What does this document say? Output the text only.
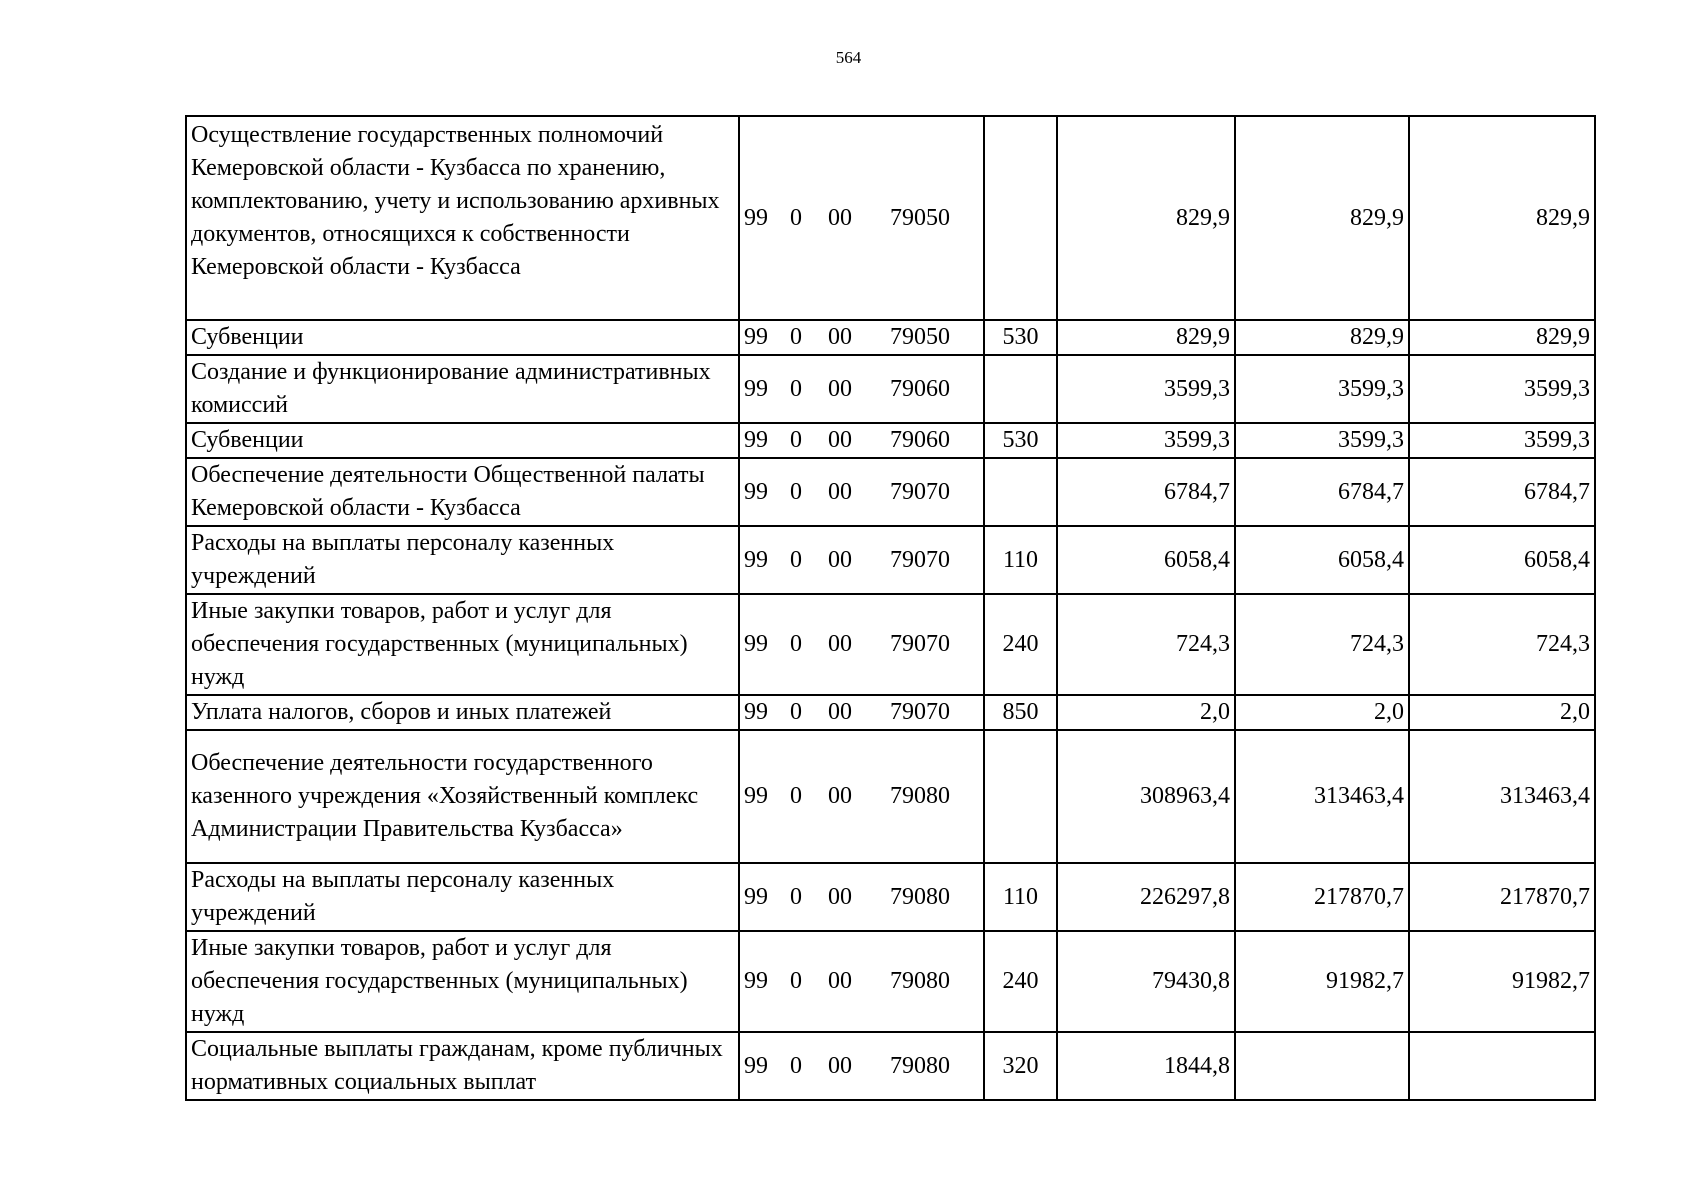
564
Осуществление государственных полномочий Кемеровской области - Кузбасса по хранению, комплектованию, учету и использованию архивных документов, относящихся к собственности Кемеровской области - Кузбасса	99 0 00 79050		829,9	829,9	829,9
Субвенции	99 0 00 79050	530	829,9	829,9	829,9
Создание и функционирование административных комиссий	99 0 00 79060		3599,3	3599,3	3599,3
Субвенции	99 0 00 79060	530	3599,3	3599,3	3599,3
Обеспечение деятельности Общественной палаты Кемеровской области - Кузбасса	99 0 00 79070		6784,7	6784,7	6784,7
Расходы на выплаты персоналу казенных учреждений	99 0 00 79070	110	6058,4	6058,4	6058,4
Иные закупки товаров, работ и услуг для обеспечения государственных (муниципальных) нужд	99 0 00 79070	240	724,3	724,3	724,3
Уплата налогов, сборов и иных платежей	99 0 00 79070	850	2,0	2,0	2,0
Обеспечение деятельности государственного казенного учреждения «Хозяйственный комплекс Администрации Правительства Кузбасса»	99 0 00 79080		308963,4	313463,4	313463,4
Расходы на выплаты персоналу казенных учреждений	99 0 00 79080	110	226297,8	217870,7	217870,7
Иные закупки товаров, работ и услуг для обеспечения государственных (муниципальных) нужд	99 0 00 79080	240	79430,8	91982,7	91982,7
Социальные выплаты гражданам, кроме публичных нормативных социальных выплат	99 0 00 79080	320	1844,8		
